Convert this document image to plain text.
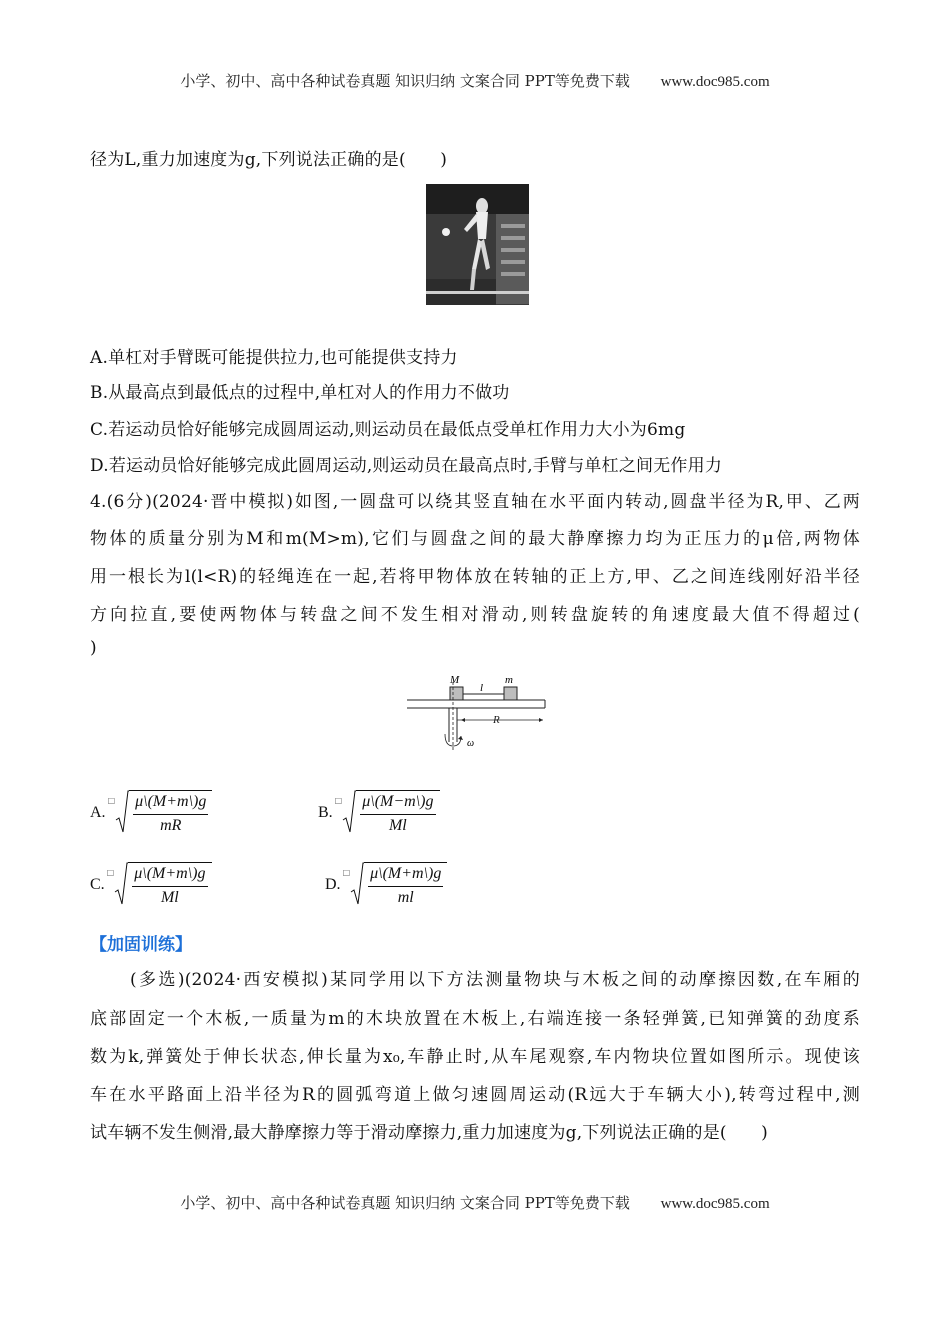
小学、初中、高中各种试卷真题 知识归纳 文案合同 PPT等免费下载 www.doc985.com
径为L,重力加速度为g,下列说法正确的是(　　)
A.单杠对手臂既可能提供拉力,也可能提供支持力
B.从最高点到最低点的过程中,单杠对人的作用力不做功
C.若运动员恰好能够完成圆周运动,则运动员在最低点受单杠作用力大小为6mg
D.若运动员恰好能够完成此圆周运动,则运动员在最高点时,手臂与单杠之间无作用力
4.(6分)(2024·晋中模拟)如图,一圆盘可以绕其竖直轴在水平面内转动,圆盘半径为R,甲、乙两
物体的质量分别为M和m(M>m),它们与圆盘之间的最大静摩擦力均为正压力的μ倍,两物体
用一根长为l(l<R)的轻绳连在一起,若将甲物体放在转轴的正上方,甲、乙之间连线刚好沿半径
方向拉直,要使两物体与转盘之间不发生相对滑动,则转盘旋转的角速度最大值不得超过(
)
M	m
l
R
ω
A.
□ $\frac{\mu\backslash(M+m\backslash)g}{mR}$	B.
□ $\frac{\mu\backslash(M-m\backslash)g}{Ml}$
C.
□ $\frac{\mu\backslash(M+m\backslash)g}{Ml}$	D.
□ $\frac{\mu\backslash(M+m\backslash)g}{ml}$
【加固训练】
(多选)(2024·西安模拟)某同学用以下方法测量物块与木板之间的动摩擦因数,在车厢的
底部固定一个木板,一质量为m的木块放置在木板上,右端连接一条轻弹簧,已知弹簧的劲度系
数为k,弹簧处于伸长状态,伸长量为x₀,车静止时,从车尾观察,车内物块位置如图所示。现使该
车在水平路面上沿半径为R的圆弧弯道上做匀速圆周运动(R远大于车辆大小),转弯过程中,测
试车辆不发生侧滑,最大静摩擦力等于滑动摩擦力,重力加速度为g,下列说法正确的是(　　)
小学、初中、高中各种试卷真题 知识归纳 文案合同 PPT等免费下载 www.doc985.com
